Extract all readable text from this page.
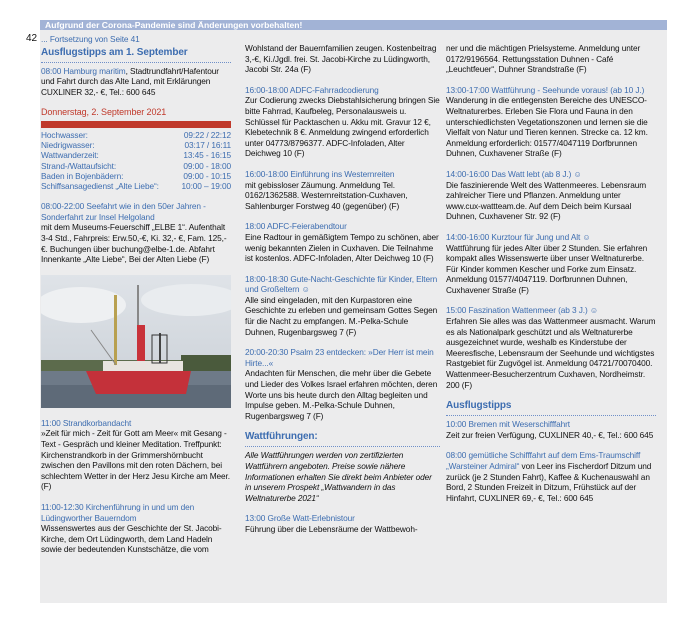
Aufgrund der Corona-Pandemie sind Änderungen vorbehalten!
42 ... Fortsetzung von Seite 41
Ausflugstipps am 1. September
08:00 Hamburg maritim, Stadtrundfahrt/Hafentour und Fahrt durch das Alte Land, mit Erklärungen CUXLINER 32,- €, Tel.: 600 645
Donnerstag, 2. September 2021
Hochwasser:	09:22 / 22:12
Niedrigwasser:	03:17 / 16:11
Wattwanderzeit:	13:45 - 16:15
Strand-/Wattaufsicht:	09:00 - 18:00
Baden in Bojenbädern:	09:00 - 10:15
Schiffsansagedienst „Alte Liebe“:	10:00 – 19:00
08:00-22:00 Seefahrt wie in den 50er Jahren - Sonderfahrt zur Insel Helgoland
mit dem Museums-Feuerschiff „ELBE 1“. Aufenthalt 3-4 Std., Fahrpreis: Erw.50,-€, Ki. 32,- €, Fam. 125,- €. Buchungen über buchung@elbe-1.de. Abfahrt Innenkante „Alte Liebe“, Bei der Alten Liebe (F)
11:00 Strandkorbandacht
»Zeit für mich - Zeit für Gott am Meer« mit Gesang - Text - Gespräch und kleiner Meditation. Treffpunkt: Kirchenstrandkorb in der Grimmershörnbucht zwischen den Pavillons mit den roten Dächern, bei schlechtem Wetter in der Herz Jesu Kirche am Meer. (F)
11:00-12:30 Kirchenführung in und um den Lüdingworther Bauerndom
Wissenswertes aus der Geschichte der St. Jacobi-Kirche, dem Ort Lüdingworth, dem Land Hadeln sowie der bedeutenden Kunstschätze, die vom
Wohlstand der Bauernfamilien zeugen. Kostenbeitrag 3,-€, Ki./Jgdl. frei. St. Jacobi-Kirche zu Lüdingworth, Jacobi Str. 24a (F)
16:00-18:00 ADFC-Fahrradcodierung
Zur Codierung zwecks Diebstahlsicherung bringen Sie bitte Fahrrad, Kaufbeleg, Personalausweis u. Schlüssel für Packtaschen u. Akku mit. Gravur 12 €, Klebetechnik 8 €. Anmeldung zwingend erforderlich unter 04773/8796377. ADFC-Infoladen, Alter Deichweg 10 (F)
16:00-18:00 Einführung ins Westernreiten
mit gebissloser Zäumung. Anmeldung Tel. 0162/1362588. Westernreitstation-Cuxhaven, Sahlenburger Forstweg 40 (gegenüber) (F)
18:00 ADFC-Feierabendtour
Eine Radtour in gemäßigtem Tempo zu schönen, aber wenig bekannten Zielen in Cuxhaven. Die Teilnahme ist kostenlos. ADFC-Infoladen, Alter Deichweg 10 (F)
18:00-18:30 Gute-Nacht-Geschichte für Kinder, Eltern und Großeltern ☺
Alle sind eingeladen, mit den Kurpastoren eine Geschichte zu erleben und gemeinsam Gottes Segen für die Nacht zu empfangen. M.-Pelka-Schule Duhnen, Rugenbargsweg 7 (F)
20:00-20:30 Psalm 23 entdecken: »Der Herr ist mein Hirte...«
Andachten für Menschen, die mehr über die Gebete und Lieder des Volkes Israel erfahren möchten, deren Worte uns bis heute durch den Alltag begleiten und Impulse geben. M.-Pelka-Schule Duhnen, Rugenbargsweg 7 (F)
Wattführungen:
Alle Wattführungen werden von zertifizierten Wattführern angeboten. Preise sowie nähere Informationen erhalten Sie direkt beim Anbieter oder in unserem Prospekt „Wattwandern in das Weltnaturerbe 2021“
13:00 Große Watt-Erlebnistour
Führung über die Lebensräume der Wattbewoh-
ner und die mächtigen Prielsysteme. Anmeldung unter 0172/9196564. Rettungsstation Duhnen - Café „Leuchtfeuer“, Duhner Strandstraße (F)
13:00-17:00 Wattführung - Seehunde voraus! (ab 10 J.)
Wanderung in die entlegensten Bereiche des UNESCO-Weltnaturerbes. Erleben Sie Flora und Fauna in den unterschiedlichsten Vegetationszonen und lernen sie die Vielfalt von Natur und Tieren kennen. Strecke ca. 12 km. Anmeldung erforderlich: 01577/4047119 Dorfbrunnen Duhnen, Cuxhavener Straße (F)
14:00-16:00 Das Watt lebt (ab 8 J.) ☺
Die faszinierende Welt des Wattenmeeres. Lebensraum zahlreicher Tiere und Pflanzen. Anmeldung unter www.cux-wattteam.de. Auf dem Deich beim Kursaal Duhnen, Cuxhavener Str. 92 (F)
14:00-16:00 Kurztour für Jung und Alt ☺
Wattführung für jedes Alter über 2 Stunden. Sie erfahren kompakt alles Wissenswerte über unser Weltnaturerbe. Für Kinder kommen Kescher und Forke zum Einsatz. Anmeldung 01577/4047119. Dorfbrunnen Duhnen, Cuxhavener Straße (F)
15:00 Faszination Wattenmeer (ab 3 J.) ☺
Erfahren Sie alles was das Wattenmeer ausmacht. Warum es als Nationalpark geschützt und als Weltnaturerbe ausgezeichnet wurde, weshalb es Kinderstube der Meeresfische, Lebensraum der Seehunde und wichtigstes Rastgebiet für Zugvögel ist. Anmeldung 04721/70070400. Wattenmeer-Besucherzentrum Cuxhaven, Nordheimstr. 200 (F)
Ausflugstipps
10:00 Bremen mit Weserschifffahrt
Zeit zur freien Verfügung, CUXLINER 40,- €, Tel.: 600 645
08:00 gemütliche Schifffahrt auf dem Ems-Traumschiff „Warsteiner Admiral“ von Leer ins Fischerdorf Ditzum und zurück (je 2 Stunden Fahrt), Kaffee & Kuchenauswahl an Bord, 2 Stunden Freizeit in Ditzum, Frühstück auf der Hinfahrt, CUXLINER 69,- €, Tel.: 600 645
